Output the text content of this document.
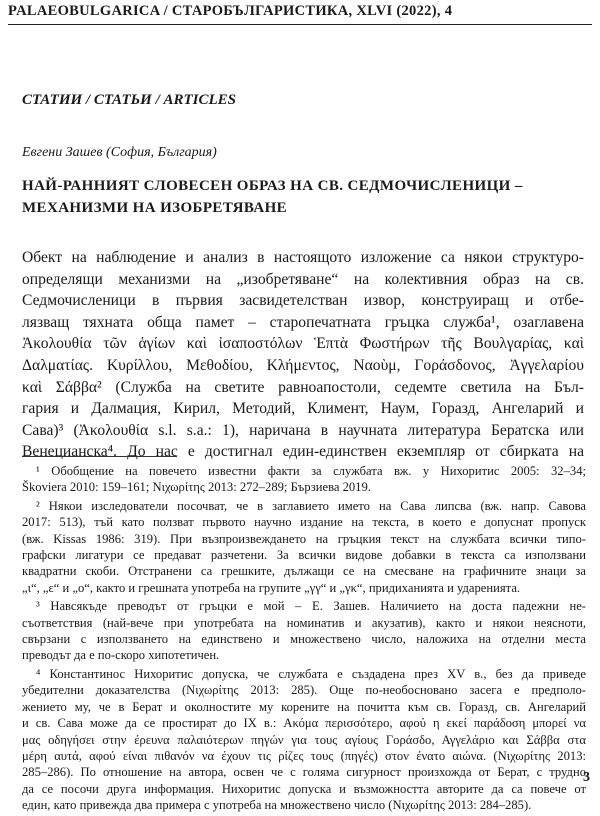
PALAEOBULGARICA / СТАРОБЪЛГАРИСТИКА, XLVI (2022), 4
СТАТИИ / СТАТЬИ / ARTICLES
Евгени Зашев (София, България)
НАЙ-РАННИЯТ СЛОВЕСЕН ОБРАЗ НА СВ. СЕДМОЧИСЛЕНИЦИ –
МЕХАНИЗМИ НА ИЗОБРЕТЯВАНЕ
Обект на наблюдение и анализ в настоящото изложение са някои структуро-
определящи механизми на „изобретяване“ на колективния образ на св.
Седмочисленици в първия засвидетелстван извор, конструиращ и отбе-
лязващ тяхната обща памет – старопечатната гръцка служба¹, озаглавена
Ἀκολουθία τῶν ἁγίων καὶ ἰσαποστόλων Ἑπτὰ Φωστήρων τῆς Βουλγαρίας, καὶ
Δαλματίας. Κυρίλλου, Μεθοδίου, Κλήμεντος, Ναοὺμ, Γοράσδονος, Ἀγγελαρίου
καὶ Σάββα² (Служба на светите равноапостоли, седемте светила на Бъл-
гария и Далмация, Кирил, Методий, Климент, Наум, Горазд, Ангеларий и
Сава)³ (Ἀκολουθία s.l. s.a.: 1), наричана в научната литература Бератска или
Венецианска⁴. До нас е достигнал един-единствен екземпляр от сбирката на
¹ Обобщение на повечето известни факти за службата вж. у Нихоритис 2005: 32–34;
Škoviera 2010: 159–161; Νιχωρίτης 2013: 272–289; Бързиева 2019.
² Някои изследователи посочват, че в заглавието името на Сава липсва (вж. напр. Савова
2017: 513), тъй като ползват първото научно издание на текста, в което е допуснат пропуск
(вж. Kissas 1986: 319). При възпроизвеждането на гръцкия текст на службата всички типо-
графски лигатури се предават разчетени. За всички видове добавки в текста са използвани
квадратни скоби. Отстранени са грешките, дължащи се на смесване на графичните знаци за
„ι“, „ε“ и „ο“, както и грешната употреба на групите „γγ“ и „γκ“, придиханията и ударенията.
³ Навсякъде преводът от гръцки е мой – Е. Зашев. Наличието на доста падежни не-
съответствия (най-вече при употребата на номинатив и акузатив), както и някои неясноти,
свързани с използването на единствено и множествено число, наложиха на отделни места
преводът да е по-скоро хипотетичен.
⁴ Константинос Нихоритис допуска, че службата е създадена през XV в., без да приведе
убедителни доказателства (Νιχωρίτης 2013: 285). Още по-необосновано засега е предполо-
жението му, че в Берат и околностите му корените на почитта към св. Горазд, св. Ангеларий
и св. Сава може да се простират до IX в.: Ακόμα περισσότερο, αφού η εκεί παράδοση μπορεί να
μας οδηγήσει στην έρευνα παλαιότερων πηγών για τους αγίους Γοράσδο, Αγγελάριο και Σάββα στα
μέρη αυτά, αφού είναι πιθανόν να έχουν τις ρίζες τους (πηγές) στον ένατο αιώνα. (Νιχωρίτης 2013:
285–286). По отношение на автора, освен че с голяма сигурност произхожда от Берат, с трудно
да се посочи друга информация. Нихоритис допуска и възможността авторите да са повече от
един, като привежда два примера с употреба на множествено число (Νιχωρίτης 2013: 284–285).
3
